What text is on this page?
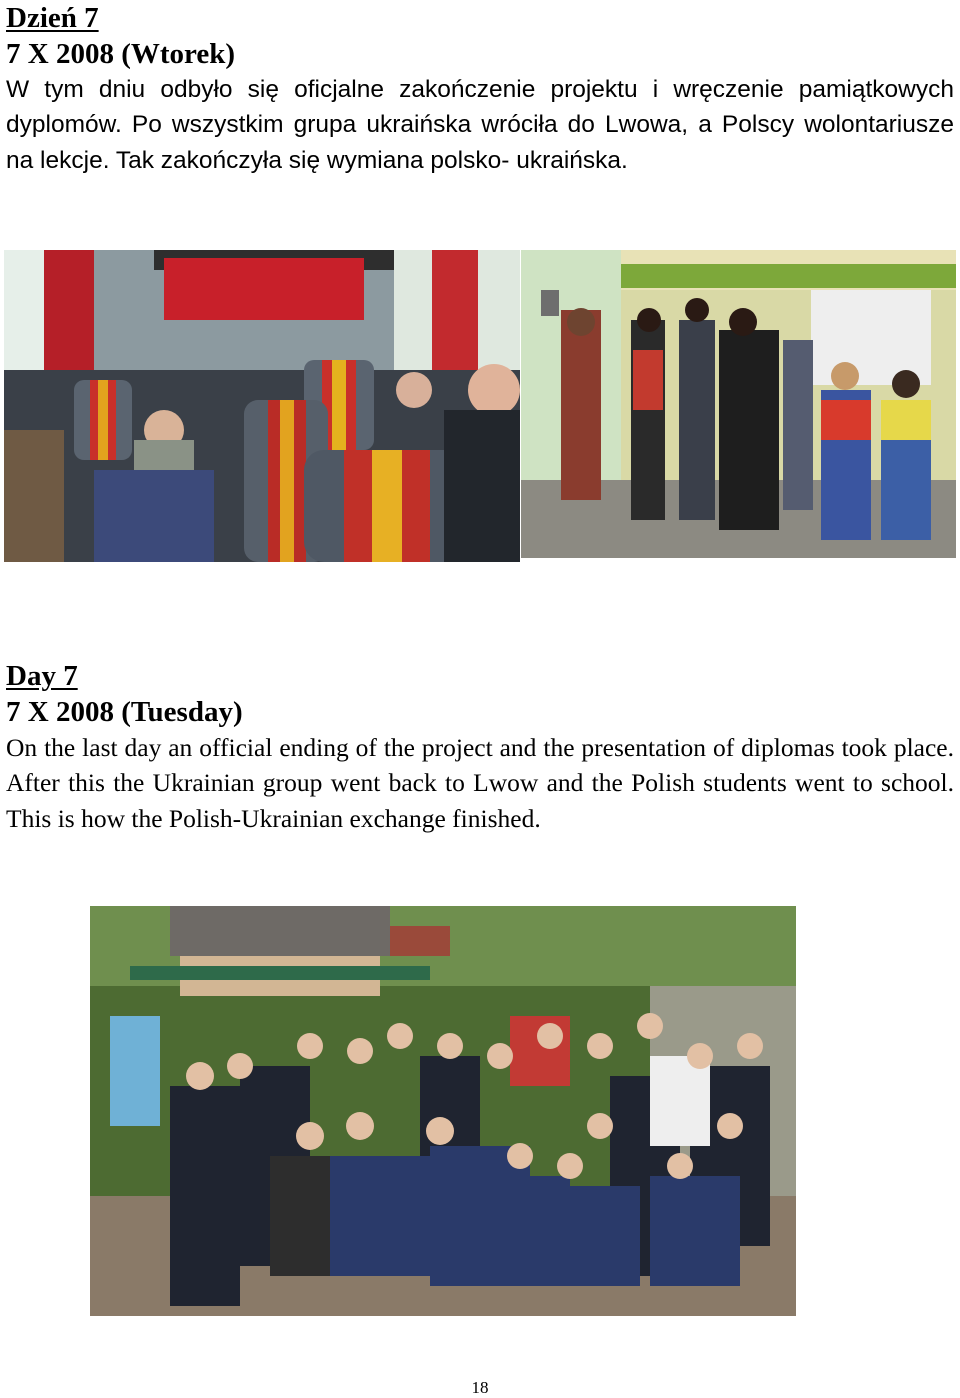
Dzień 7
7 X 2008 (Wtorek)

W tym dniu odbyło się oficjalne zakończenie projektu i wręczenie pamiątkowych dyplomów. Po wszystkim grupa ukraińska wróciła do Lwowa, a Polscy wolontariusze na lekcje. Tak zakończyła się wymiana polsko- ukraińska.

Day 7
7 X 2008 (Tuesday)

On the last day an official ending of the project and the presentation of diplomas took place. After this the Ukrainian group went back to Lwow and the Polish students went to school. This is how the Polish-Ukrainian exchange finished.

18
